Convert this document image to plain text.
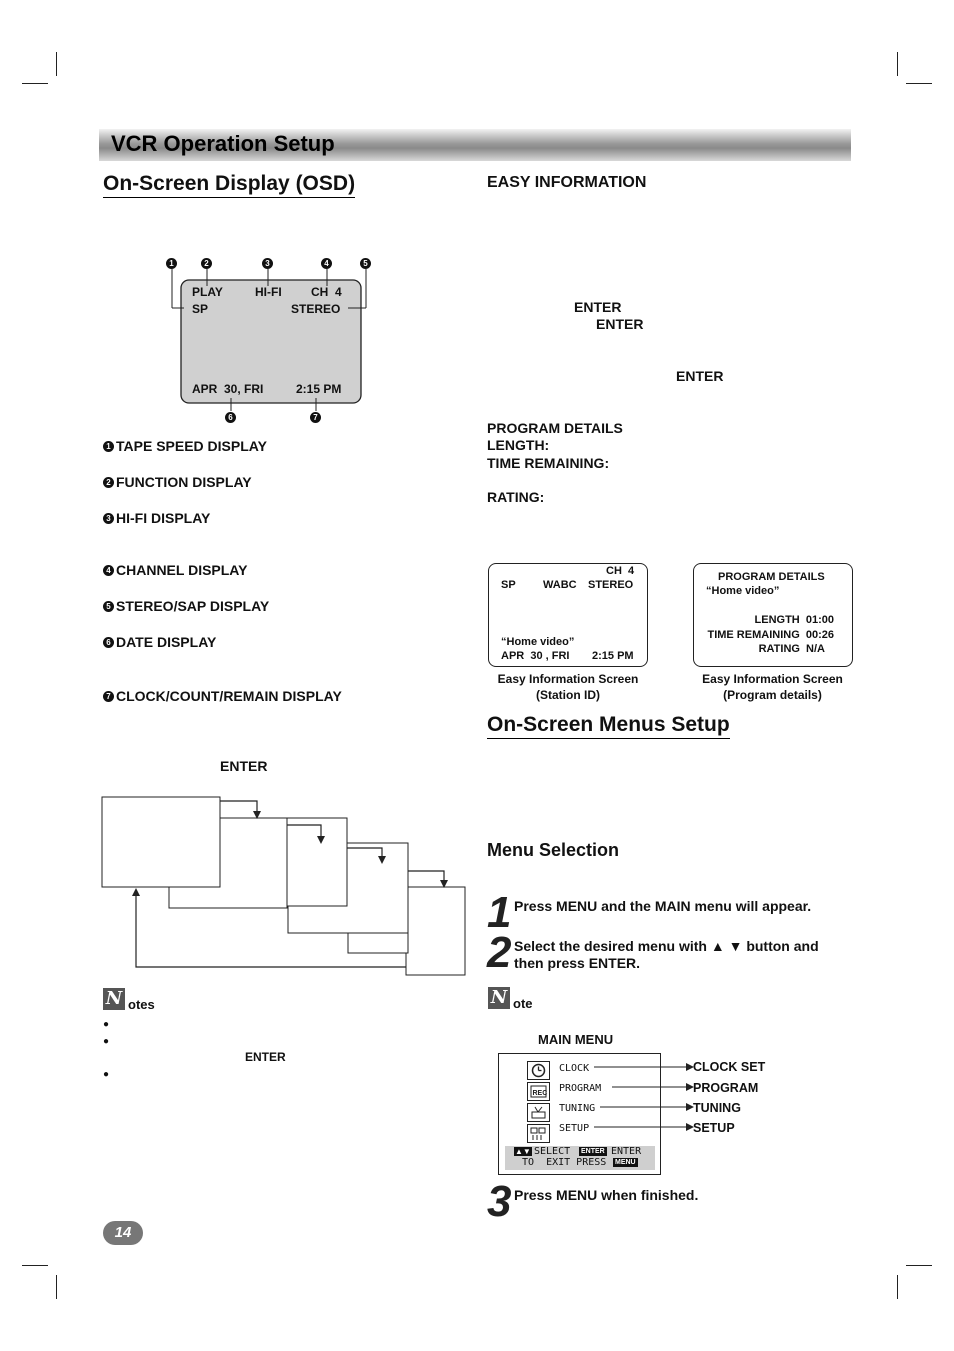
VCR Operation Setup
On-Screen Display (OSD)
1	2	3	4	5
6	7
PLAY	HI-FI CH  4
SP	STEREO
APR  30, FRI	2:15 PM
1 TAPE SPEED DISPLAY
2 FUNCTION DISPLAY
3 HI-FI DISPLAY
4 CHANNEL DISPLAY
5 STEREO/SAP DISPLAY
6 DATE DISPLAY
7 CLOCK/COUNT/REMAIN DISPLAY
ENTER
N otes
●
●
ENTER
●
14
EASY INFORMATION
ENTER
ENTER
ENTER
PROGRAM DETAILS
LENGTH:
TIME REMAINING:
RATING:
CH  4
SP WABC STEREO
“Home video”
APR  30 , FRI 2:15 PM
Easy Information Screen
(Station ID)
PROGRAM DETAILS
“Home video”
LENGTH  01:00
TIME REMAINING  00:26
RATING  N/A
Easy Information Screen
(Program details)
On-Screen Menus Setup
Menu Selection
1 Press MENU and the MAIN menu will appear.
2 Select the desired menu with ▲ ▼ button and
then press ENTER.
N ote
MAIN MENU
REC
CLOCK
PROGRAM
TUNING
SETUP
▲▼ SELECT ENTER ENTER
TO  EXIT PRESS MENU
CLOCK SET
PROGRAM
TUNING
SETUP
3 Press MENU when finished.
